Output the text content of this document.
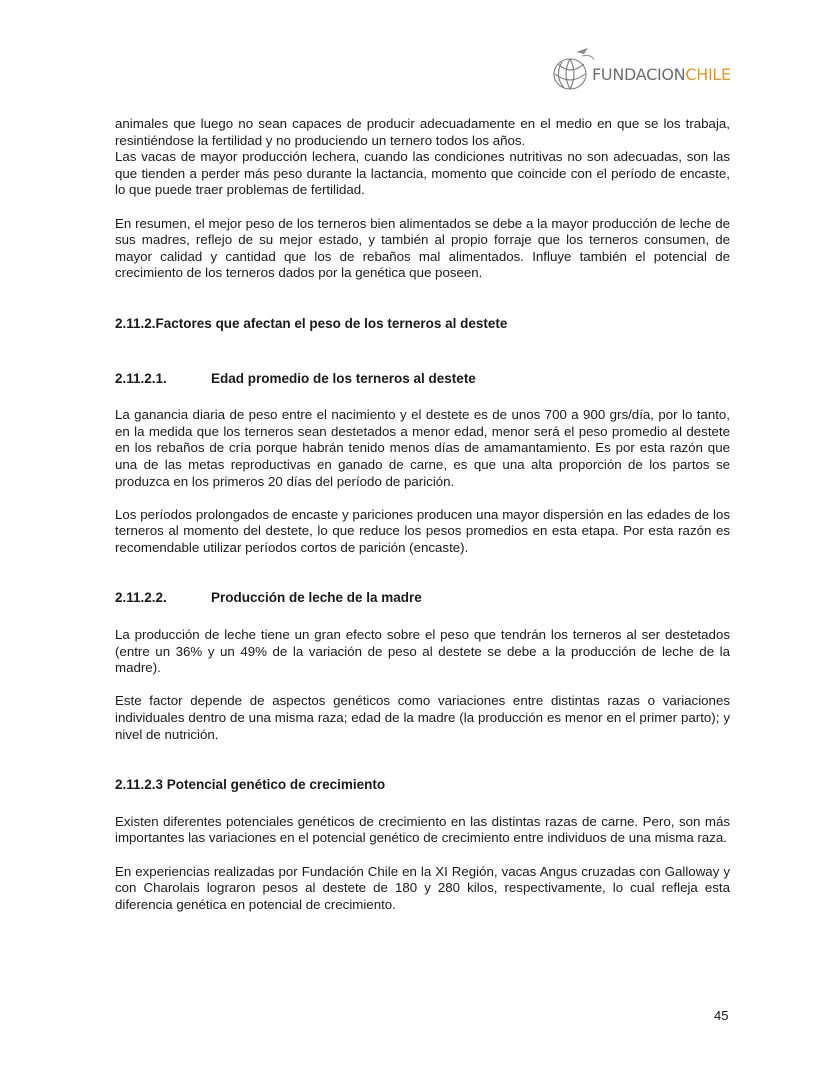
FUNDACIONCHILE

animales que luego no sean capaces de producir adecuadamente en el medio en que se los trabaja, resintiéndose la fertilidad y no produciendo un ternero todos los años.

Las vacas de mayor producción lechera, cuando las condiciones nutritivas no son adecuadas, son las que tienden a perder más peso durante la lactancia, momento que coincide con el período de encaste, lo que puede traer problemas de fertilidad.

En resumen, el mejor peso de los terneros bien alimentados se debe a la mayor producción de leche de sus madres, reflejo de su mejor estado, y también al propio forraje que los terneros consumen, de mayor calidad y cantidad que los de rebaños mal alimentados. Influye también el potencial de crecimiento de los terneros dados por la genética que poseen.

2.11.2.Factores que afectan el peso de los terneros al destete
2.11.2.1.	Edad promedio de los terneros al destete

La ganancia diaria de peso entre el nacimiento y el destete es de unos 700 a 900 grs/día, por lo tanto, en la medida que los terneros sean destetados a menor edad, menor será el peso promedio al destete en los rebaños de cría porque habrán tenido menos días de amamantamiento. Es por esta razón que una de las metas reproductivas en ganado de carne, es que una alta proporción de los partos se produzca en los primeros 20 días del período de parición.

Los períodos prolongados de encaste y pariciones producen una mayor dispersión en las edades de los terneros al momento del destete, lo que reduce los pesos promedios en esta etapa. Por esta razón es recomendable utilizar períodos cortos de parición (encaste).

2.11.2.2.	Producción de leche de la madre

La producción de leche tiene un gran efecto sobre el peso que tendrán los terneros al ser destetados (entre un 36% y un 49% de la variación de peso al destete se debe a la producción de leche de la madre).

Este factor depende de aspectos genéticos como variaciones entre distintas razas o variaciones individuales dentro de una misma raza; edad de la madre (la producción es menor en el primer parto); y nivel de nutrición.

2.11.2.3 Potencial genético de crecimiento

Existen diferentes potenciales genéticos de crecimiento en las distintas razas de carne. Pero, son más importantes las variaciones en el potencial genético de crecimiento entre individuos de una misma raza.

En experiencias realizadas por Fundación Chile en la XI Región, vacas Angus cruzadas con Galloway y con Charolais lograron pesos al destete de 180 y 280 kilos, respectivamente, lo cual refleja esta diferencia genética en potencial de crecimiento.

45
